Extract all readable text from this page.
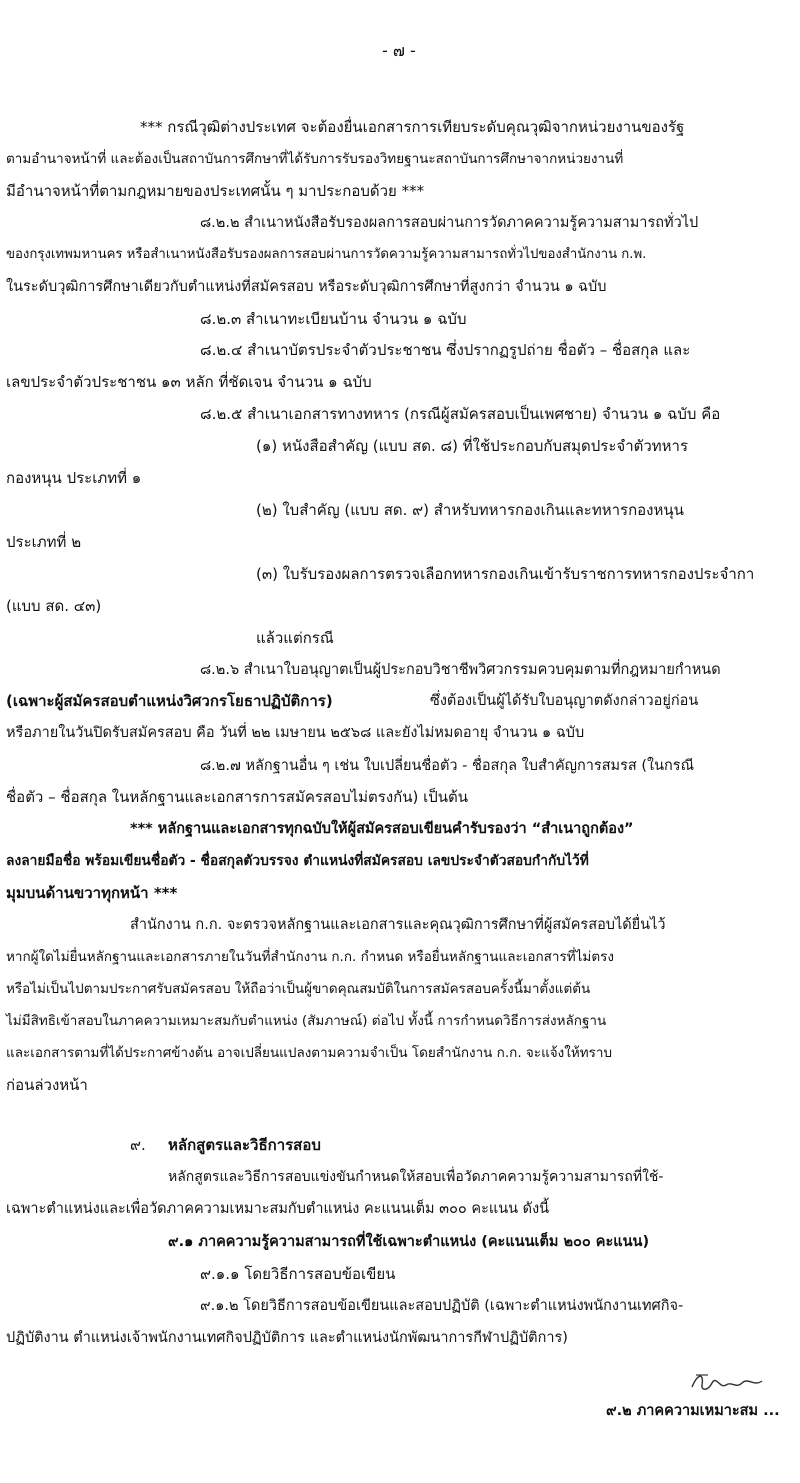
- ๗ -
*** กรณีวุฒิต่างประเทศ จะต้องยื่นเอกสารการเทียบระดับคุณวุฒิจากหน่วยงานของรัฐ
ตามอำนาจหน้าที่ และต้องเป็นสถาบันการศึกษาที่ได้รับการรับรองวิทยฐานะสถาบันการศึกษาจากหน่วยงานที่
มีอำนาจหน้าที่ตามกฎหมายของประเทศนั้น ๆ มาประกอบด้วย ***
๘.๒.๒ สำเนาหนังสือรับรองผลการสอบผ่านการวัดภาคความรู้ความสามารถทั่วไป
ของกรุงเทพมหานคร หรือสำเนาหนังสือรับรองผลการสอบผ่านการวัดความรู้ความสามารถทั่วไปของสำนักงาน ก.พ.
ในระดับวุฒิการศึกษาเดียวกับตำแหน่งที่สมัครสอบ หรือระดับวุฒิการศึกษาที่สูงกว่า จำนวน ๑ ฉบับ
๘.๒.๓ สำเนาทะเบียนบ้าน จำนวน ๑ ฉบับ
๘.๒.๔ สำเนาบัตรประจำตัวประชาชน ซึ่งปรากฏรูปถ่าย ชื่อตัว – ชื่อสกุล และ
เลขประจำตัวประชาชน ๑๓ หลัก ที่ชัดเจน จำนวน ๑ ฉบับ
๘.๒.๕ สำเนาเอกสารทางทหาร (กรณีผู้สมัครสอบเป็นเพศชาย) จำนวน ๑ ฉบับ คือ
(๑) หนังสือสำคัญ (แบบ สด. ๘) ที่ใช้ประกอบกับสมุดประจำตัวทหาร
กองหนุน ประเภทที่ ๑
(๒) ใบสำคัญ (แบบ สด. ๙) สำหรับทหารกองเกินและทหารกองหนุน
ประเภทที่ ๒
(๓) ใบรับรองผลการตรวจเลือกทหารกองเกินเข้ารับราชการทหารกองประจำกา
(แบบ สด. ๔๓)
แล้วแต่กรณี
๘.๒.๖ สำเนาใบอนุญาตเป็นผู้ประกอบวิชาชีพวิศวกรรมควบคุมตามที่กฎหมายกำหนด
(เฉพาะผู้สมัครสอบตำแหน่งวิศวกรโยธาปฏิบัติการ)	ซึ่งต้องเป็นผู้ได้รับใบอนุญาตดังกล่าวอยู่ก่อน
หรือภายในวันปิดรับสมัครสอบ คือ วันที่ ๒๒ เมษายน ๒๕๖๘ และยังไม่หมดอายุ จำนวน ๑ ฉบับ
๘.๒.๗ หลักฐานอื่น ๆ เช่น ใบเปลี่ยนชื่อตัว - ชื่อสกุล ใบสำคัญการสมรส (ในกรณี
ชื่อตัว – ชื่อสกุล ในหลักฐานและเอกสารการสมัครสอบไม่ตรงกัน) เป็นต้น
*** หลักฐานและเอกสารทุกฉบับให้ผู้สมัครสอบเขียนคำรับรองว่า “สำเนาถูกต้อง”
ลงลายมือชื่อ พร้อมเขียนชื่อตัว - ชื่อสกุลตัวบรรจง ตำแหน่งที่สมัครสอบ เลขประจำตัวสอบกำกับไว้ที่
มุมบนด้านขวาทุกหน้า ***
สำนักงาน ก.ก. จะตรวจหลักฐานและเอกสารและคุณวุฒิการศึกษาที่ผู้สมัครสอบได้ยื่นไว้
หากผู้ใดไม่ยื่นหลักฐานและเอกสารภายในวันที่สำนักงาน ก.ก. กำหนด หรือยื่นหลักฐานและเอกสารที่ไม่ตรง
หรือไม่เป็นไปตามประกาศรับสมัครสอบ ให้ถือว่าเป็นผู้ขาดคุณสมบัติในการสมัครสอบครั้งนี้มาตั้งแต่ต้น
ไม่มีสิทธิเข้าสอบในภาคความเหมาะสมกับตำแหน่ง (สัมภาษณ์) ต่อไป ทั้งนี้ การกำหนดวิธีการส่งหลักฐาน
และเอกสารตามที่ได้ประกาศข้างต้น อาจเปลี่ยนแปลงตามความจำเป็น โดยสำนักงาน ก.ก. จะแจ้งให้ทราบ
ก่อนล่วงหน้า
๙. หลักสูตรและวิธีการสอบ
หลักสูตรและวิธีการสอบแข่งขันกำหนดให้สอบเพื่อวัดภาคความรู้ความสามารถที่ใช้-
เฉพาะตำแหน่งและเพื่อวัดภาคความเหมาะสมกับตำแหน่ง คะแนนเต็ม ๓๐๐ คะแนน ดังนี้
๙.๑ ภาคความรู้ความสามารถที่ใช้เฉพาะตำแหน่ง (คะแนนเต็ม ๒๐๐ คะแนน)
๙.๑.๑ โดยวิธีการสอบข้อเขียน
๙.๑.๒ โดยวิธีการสอบข้อเขียนและสอบปฏิบัติ (เฉพาะตำแหน่งพนักงานเทศกิจ-
ปฏิบัติงาน ตำแหน่งเจ้าพนักงานเทศกิจปฏิบัติการ และตำแหน่งนักพัฒนาการกีฬาปฏิบัติการ)
๙.๒ ภาคความเหมาะสม ...
